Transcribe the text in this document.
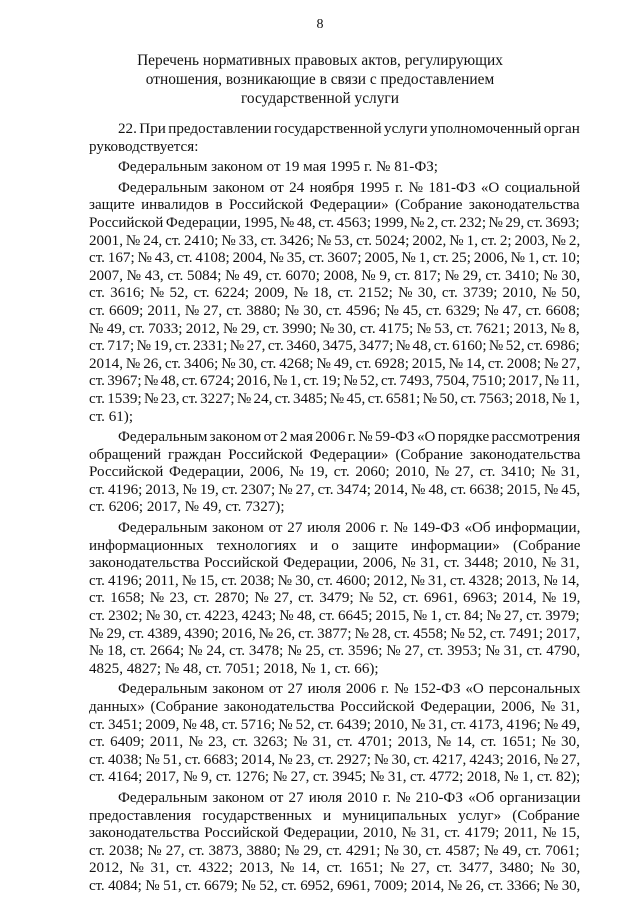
8
Перечень нормативных правовых актов, регулирующих
отношения, возникающие в связи с предоставлением
государственной услуги
22. При предоставлении государственной услуги уполномоченный орган
руководствуется:
Федеральным законом от 19 мая 1995 г. № 81-ФЗ;
Федеральным законом от 24 ноября 1995 г. № 181-ФЗ «О социальной
защите инвалидов в Российской Федерации» (Собрание законодательства
Российской Федерации, 1995, № 48, ст. 4563; 1999, № 2, ст. 232; № 29, ст. 3693;
2001, № 24, ст. 2410; № 33, ст. 3426; № 53, ст. 5024; 2002, № 1, ст. 2; 2003, № 2,
ст. 167; № 43, ст. 4108; 2004, № 35, ст. 3607; 2005, № 1, ст. 25; 2006, № 1, ст. 10;
2007, № 43, ст. 5084; № 49, ст. 6070; 2008, № 9, ст. 817; № 29, ст. 3410; № 30,
ст. 3616; № 52, ст. 6224; 2009, № 18, ст. 2152; № 30, ст. 3739; 2010, № 50,
ст. 6609; 2011, № 27, ст. 3880; № 30, ст. 4596; № 45, ст. 6329; № 47, ст. 6608;
№ 49, ст. 7033; 2012, № 29, ст. 3990; № 30, ст. 4175; № 53, ст. 7621; 2013, № 8,
ст. 717; № 19, ст. 2331; № 27, ст. 3460, 3475, 3477; № 48, ст. 6160; № 52, ст. 6986;
2014, № 26, ст. 3406; № 30, ст. 4268; № 49, ст. 6928; 2015, № 14, ст. 2008; № 27,
ст. 3967; № 48, ст. 6724; 2016, № 1, ст. 19; № 52, ст. 7493, 7504, 7510; 2017, № 11,
ст. 1539; № 23, ст. 3227; № 24, ст. 3485; № 45, ст. 6581; № 50, ст. 7563; 2018, № 1,
ст. 61);
Федеральным законом от 2 мая 2006 г. № 59-ФЗ «О порядке рассмотрения
обращений граждан Российской Федерации» (Собрание законодательства
Российской Федерации, 2006, № 19, ст. 2060; 2010, № 27, ст. 3410; № 31,
ст. 4196; 2013, № 19, ст. 2307; № 27, ст. 3474; 2014, № 48, ст. 6638; 2015, № 45,
ст. 6206; 2017, № 49, ст. 7327);
Федеральным законом от 27 июля 2006 г. № 149-ФЗ «Об информации,
информационных технологиях и о защите информации» (Собрание
законодательства Российской Федерации, 2006, № 31, ст. 3448; 2010, № 31,
ст. 4196; 2011, № 15, ст. 2038; № 30, ст. 4600; 2012, № 31, ст. 4328; 2013, № 14,
ст. 1658; № 23, ст. 2870; № 27, ст. 3479; № 52, ст. 6961, 6963; 2014, № 19,
ст. 2302; № 30, ст. 4223, 4243; № 48, ст. 6645; 2015, № 1, ст. 84; № 27, ст. 3979;
№ 29, ст. 4389, 4390; 2016, № 26, ст. 3877; № 28, ст. 4558; № 52, ст. 7491; 2017,
№ 18, ст. 2664; № 24, ст. 3478; № 25, ст. 3596; № 27, ст. 3953; № 31, ст. 4790,
4825, 4827; № 48, ст. 7051; 2018, № 1, ст. 66);
Федеральным законом от 27 июля 2006 г. № 152-ФЗ «О персональных
данных» (Собрание законодательства Российской Федерации, 2006, № 31,
ст. 3451; 2009, № 48, ст. 5716; № 52, ст. 6439; 2010, № 31, ст. 4173, 4196; № 49,
ст. 6409; 2011, № 23, ст. 3263; № 31, ст. 4701; 2013, № 14, ст. 1651; № 30,
ст. 4038; № 51, ст. 6683; 2014, № 23, ст. 2927; № 30, ст. 4217, 4243; 2016, № 27,
ст. 4164; 2017, № 9, ст. 1276; № 27, ст. 3945; № 31, ст. 4772; 2018, № 1, ст. 82);
Федеральным законом от 27 июля 2010 г. № 210-ФЗ «Об организации
предоставления государственных и муниципальных услуг» (Собрание
законодательства Российской Федерации, 2010, № 31, ст. 4179; 2011, № 15,
ст. 2038; № 27, ст. 3873, 3880; № 29, ст. 4291; № 30, ст. 4587; № 49, ст. 7061;
2012, № 31, ст. 4322; 2013, № 14, ст. 1651; № 27, ст. 3477, 3480; № 30,
ст. 4084; № 51, ст. 6679; № 52, ст. 6952, 6961, 7009; 2014, № 26, ст. 3366; № 30,
